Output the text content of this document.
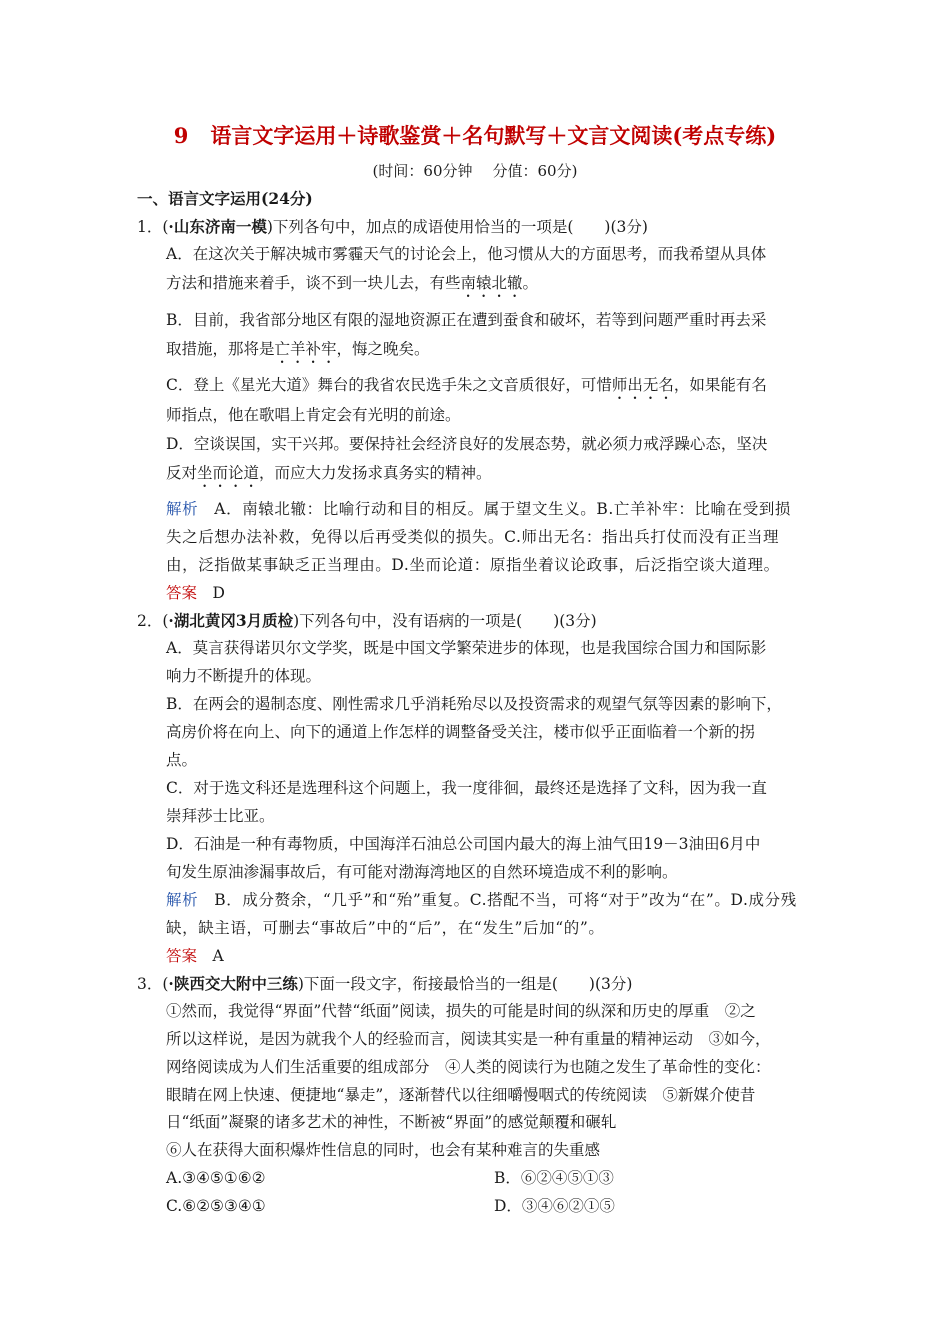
9 语言文字运用＋诗歌鉴赏＋名句默写＋文言文阅读(考点专练)
(时间：60分钟 分值：60分)
一、语言文字运用(24分)
1．(·山东济南一模)下列各句中，加点的成语使用恰当的一项是(　　)(3分)
A．在这次关于解决城市雾霾天气的讨论会上，他习惯从大的方面思考，而我希望从具体
方法和措施来着手，谈不到一块儿去，有些南辕北辙。
B．目前，我省部分地区有限的湿地资源正在遭到蚕食和破坏，若等到问题严重时再去采
取措施，那将是亡羊补牢，悔之晚矣。
C．登上《星光大道》舞台的我省农民选手朱之文音质很好，可惜师出无名，如果能有名
师指点，他在歌唱上肯定会有光明的前途。
D．空谈误国，实干兴邦。要保持社会经济良好的发展态势，就必须力戒浮躁心态，坚决
反对坐而论道，而应大力发扬求真务实的精神。
解析　A．南辕北辙：比喻行动和目的相反。属于望文生义。B.亡羊补牢：比喻在受到损
失之后想办法补救，免得以后再受类似的损失。C.师出无名：指出兵打仗而没有正当理
由，泛指做某事缺乏正当理由。D.坐而论道：原指坐着议论政事，后泛指空谈大道理。
答案　D
2．(·湖北黄冈3月质检)下列各句中，没有语病的一项是(　　)(3分)
A．莫言获得诺贝尔文学奖，既是中国文学繁荣进步的体现，也是我国综合国力和国际影
响力不断提升的体现。
B．在两会的遏制态度、刚性需求几乎消耗殆尽以及投资需求的观望气氛等因素的影响下，
高房价将在向上、向下的通道上作怎样的调整备受关注，楼市似乎正面临着一个新的拐
点。
C．对于选文科还是选理科这个问题上，我一度徘徊，最终还是选择了文科，因为我一直
崇拜莎士比亚。
D．石油是一种有毒物质，中国海洋石油总公司国内最大的海上油气田19－3油田6月中
旬发生原油渗漏事故后，有可能对渤海湾地区的自然环境造成不利的影响。
解析　B．成分赘余，“几乎”和“殆”重复。C.搭配不当，可将“对于”改为“在”。D.成分残
缺，缺主语，可删去“事故后”中的“后”，在“发生”后加“的”。
答案　A
3．(·陕西交大附中三练)下面一段文字，衔接最恰当的一组是(　　)(3分)
①然而，我觉得“界面”代替“纸面”阅读，损失的可能是时间的纵深和历史的厚重　②之
所以这样说，是因为就我个人的经验而言，阅读其实是一种有重量的精神运动　③如今，
网络阅读成为人们生活重要的组成部分　④人类的阅读行为也随之发生了革命性的变化：
眼睛在网上快速、便捷地“暴走”，逐渐替代以往细嚼慢咽式的传统阅读　⑤新媒介使昔
日“纸面”凝聚的诸多艺术的神性，不断被“界面”的感觉颠覆和碾轧
⑥人在获得大面积爆炸性信息的同时，也会有某种难言的失重感
A.③④⑤①⑥②	B．⑥②④⑤①③
C.⑥②⑤③④①	D．③④⑥②①⑤
